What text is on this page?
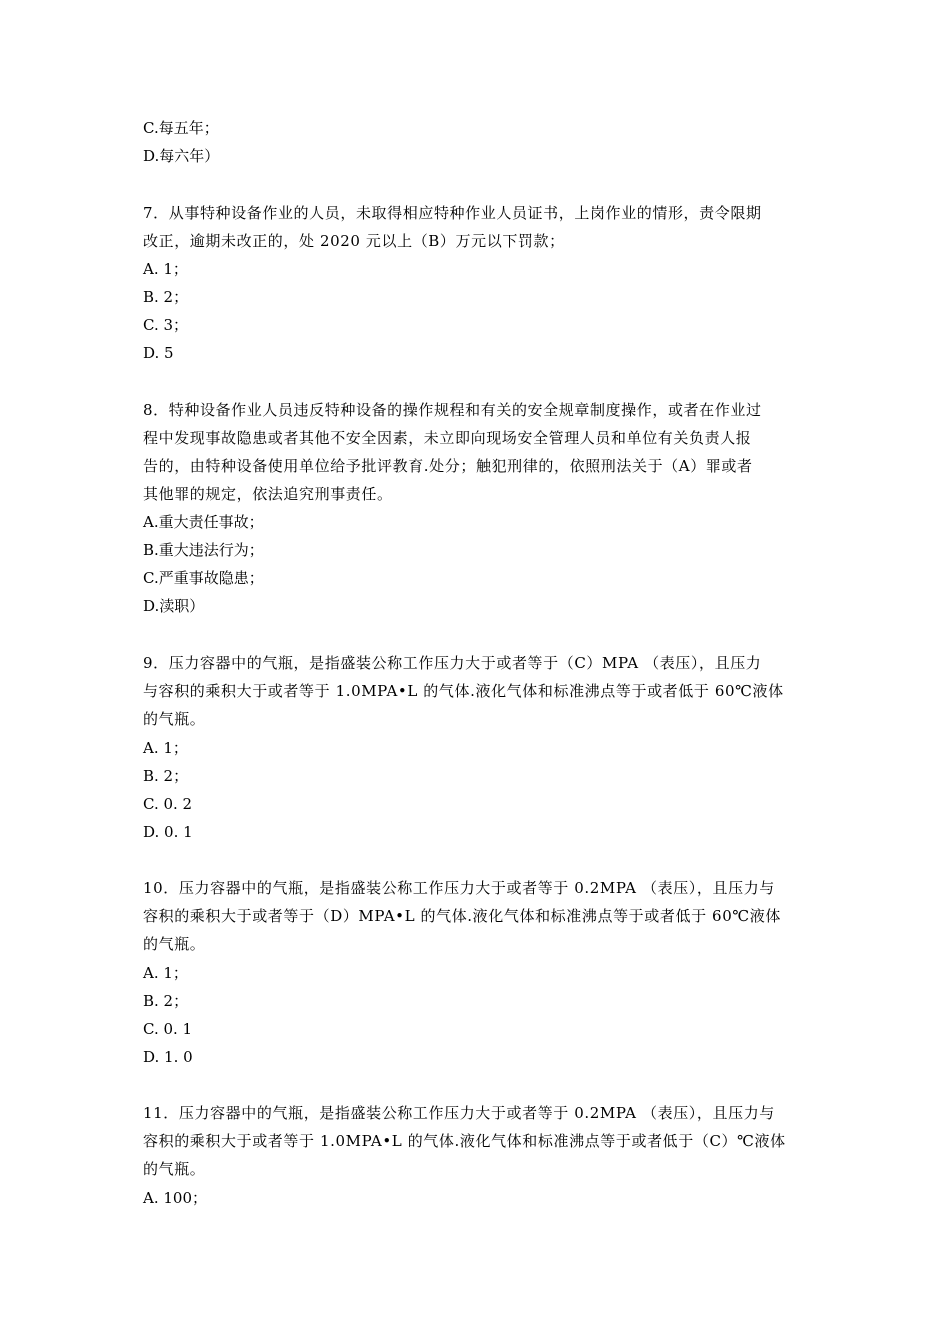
C.每五年；
D.每六年）
7．从事特种设备作业的人员，未取得相应特种作业人员证书，上岗作业的情形，责令限期
改正，逾期未改正的，处 2020 元以上（B）万元以下罚款；
A. 1；
B. 2；
C. 3；
D. 5
8．特种设备作业人员违反特种设备的操作规程和有关的安全规章制度操作，或者在作业过
程中发现事故隐患或者其他不安全因素，未立即向现场安全管理人员和单位有关负责人报
告的，由特种设备使用单位给予批评教育.处分；触犯刑律的，依照刑法关于（A）罪或者
其他罪的规定，依法追究刑事责任。
A.重大责任事故；
B.重大违法行为；
C.严重事故隐患；
D.渎职）
9．压力容器中的气瓶，是指盛装公称工作压力大于或者等于（C）MPA （表压），且压力
与容积的乘积大于或者等于 1.0MPA•L 的气体.液化气体和标准沸点等于或者低于 60℃液体
的气瓶。
A. 1；
B. 2；
C. 0. 2
D. 0. 1
10．压力容器中的气瓶，是指盛装公称工作压力大于或者等于 0.2MPA （表压），且压力与
容积的乘积大于或者等于（D）MPA•L 的气体.液化气体和标准沸点等于或者低于 60℃液体
的气瓶。
A. 1；
B. 2；
C. 0. 1
D. 1. 0
11．压力容器中的气瓶，是指盛装公称工作压力大于或者等于 0.2MPA （表压），且压力与
容积的乘积大于或者等于 1.0MPA•L 的气体.液化气体和标准沸点等于或者低于（C）℃液体
的气瓶。
A. 100；
